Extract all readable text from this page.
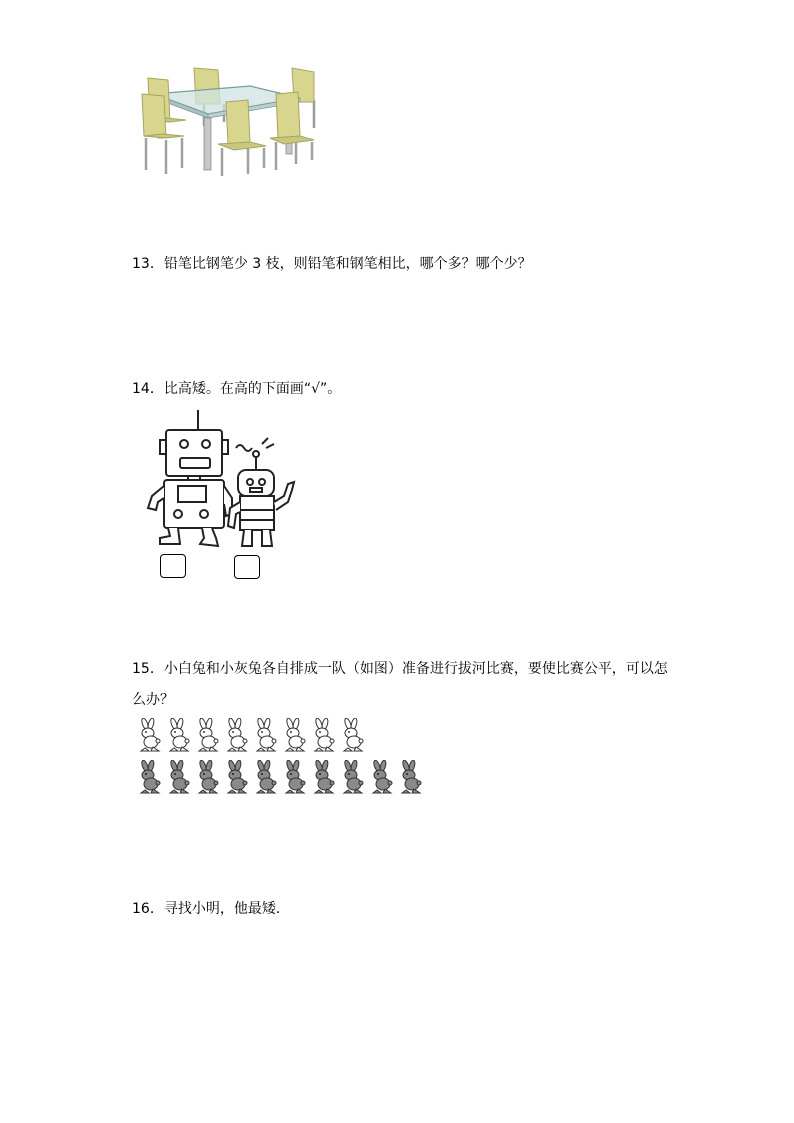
13．铅笔比钢笔少 3 枝，则铅笔和钢笔相比，哪个多？哪个少？
14．比高矮。在高的下面画“√”。
15．小白兔和小灰兔各自排成一队（如图）准备进行拔河比赛，要使比赛公平，可以怎
么办？
16．寻找小明，他最矮．
